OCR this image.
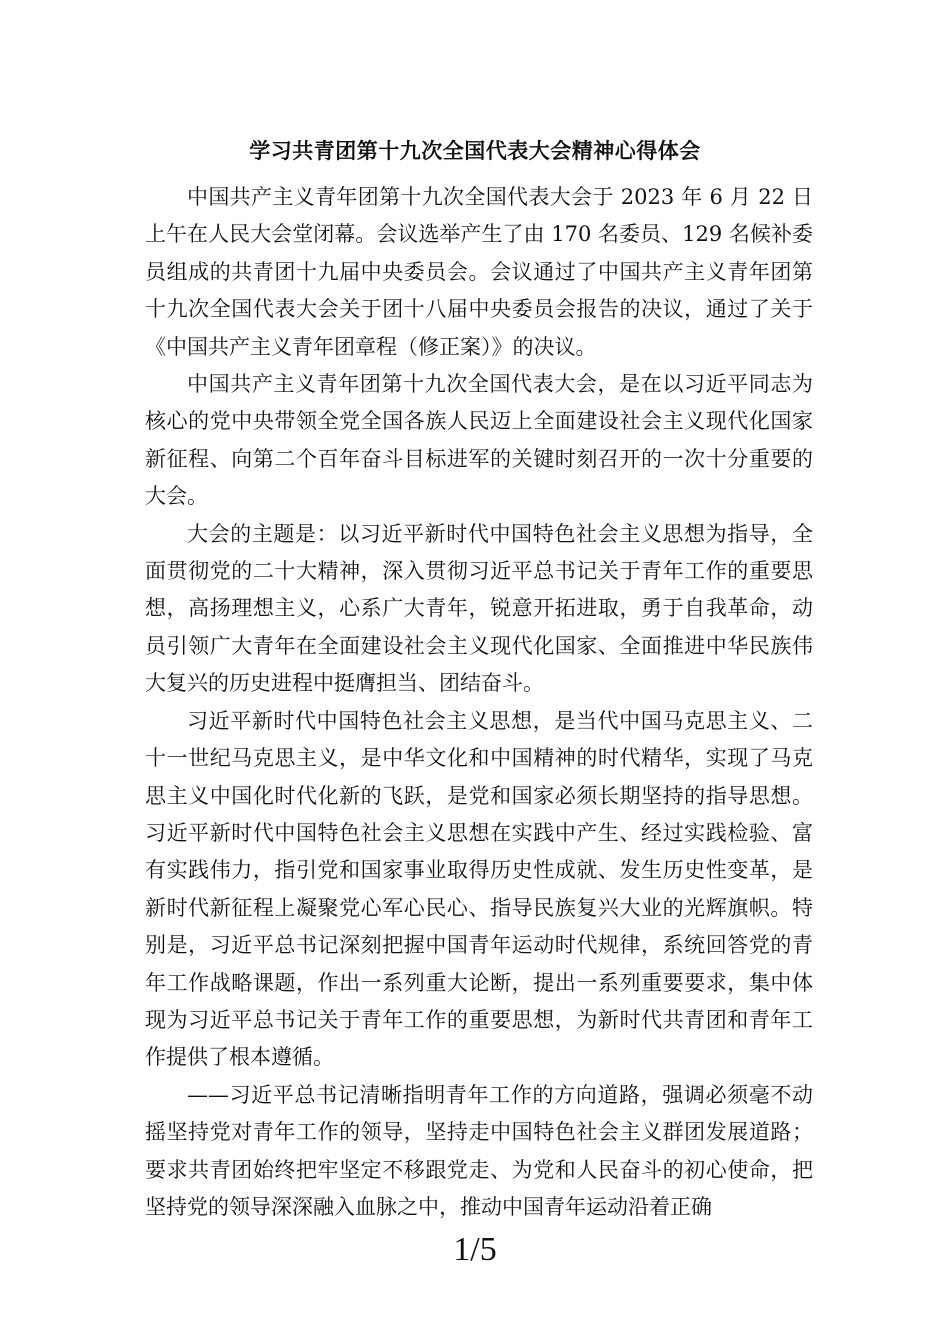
学习共青团第十九次全国代表大会精神心得体会

中国共产主义青年团第十九次全国代表大会于 2023 年 6 月 22 日上午在人民大会堂闭幕。会议选举产生了由 170 名委员、129 名候补委员组成的共青团十九届中央委员会。会议通过了中国共产主义青年团第十九次全国代表大会关于团十八届中央委员会报告的决议，通过了关于《中国共产主义青年团章程（修正案）》的决议。

中国共产主义青年团第十九次全国代表大会，是在以习近平同志为核心的党中央带领全党全国各族人民迈上全面建设社会主义现代化国家新征程、向第二个百年奋斗目标进军的关键时刻召开的一次十分重要的大会。

大会的主题是：以习近平新时代中国特色社会主义思想为指导，全面贯彻党的二十大精神，深入贯彻习近平总书记关于青年工作的重要思想，高扬理想主义，心系广大青年，锐意开拓进取，勇于自我革命，动员引领广大青年在全面建设社会主义现代化国家、全面推进中华民族伟大复兴的历史进程中挺膺担当、团结奋斗。

习近平新时代中国特色社会主义思想，是当代中国马克思主义、二十一世纪马克思主义，是中华文化和中国精神的时代精华，实现了马克思主义中国化时代化新的飞跃，是党和国家必须长期坚持的指导思想。习近平新时代中国特色社会主义思想在实践中产生、经过实践检验、富有实践伟力，指引党和国家事业取得历史性成就、发生历史性变革，是新时代新征程上凝聚党心军心民心、指导民族复兴大业的光辉旗帜。特别是，习近平总书记深刻把握中国青年运动时代规律，系统回答党的青年工作战略课题，作出一系列重大论断，提出一系列重要要求，集中体现为习近平总书记关于青年工作的重要思想，为新时代共青团和青年工作提供了根本遵循。

——习近平总书记清晰指明青年工作的方向道路，强调必须毫不动摇坚持党对青年工作的领导，坚持走中国特色社会主义群团发展道路；要求共青团始终把牢坚定不移跟党走、为党和人民奋斗的初心使命，把坚持党的领导深深融入血脉之中，推动中国青年运动沿着正确

1/5
